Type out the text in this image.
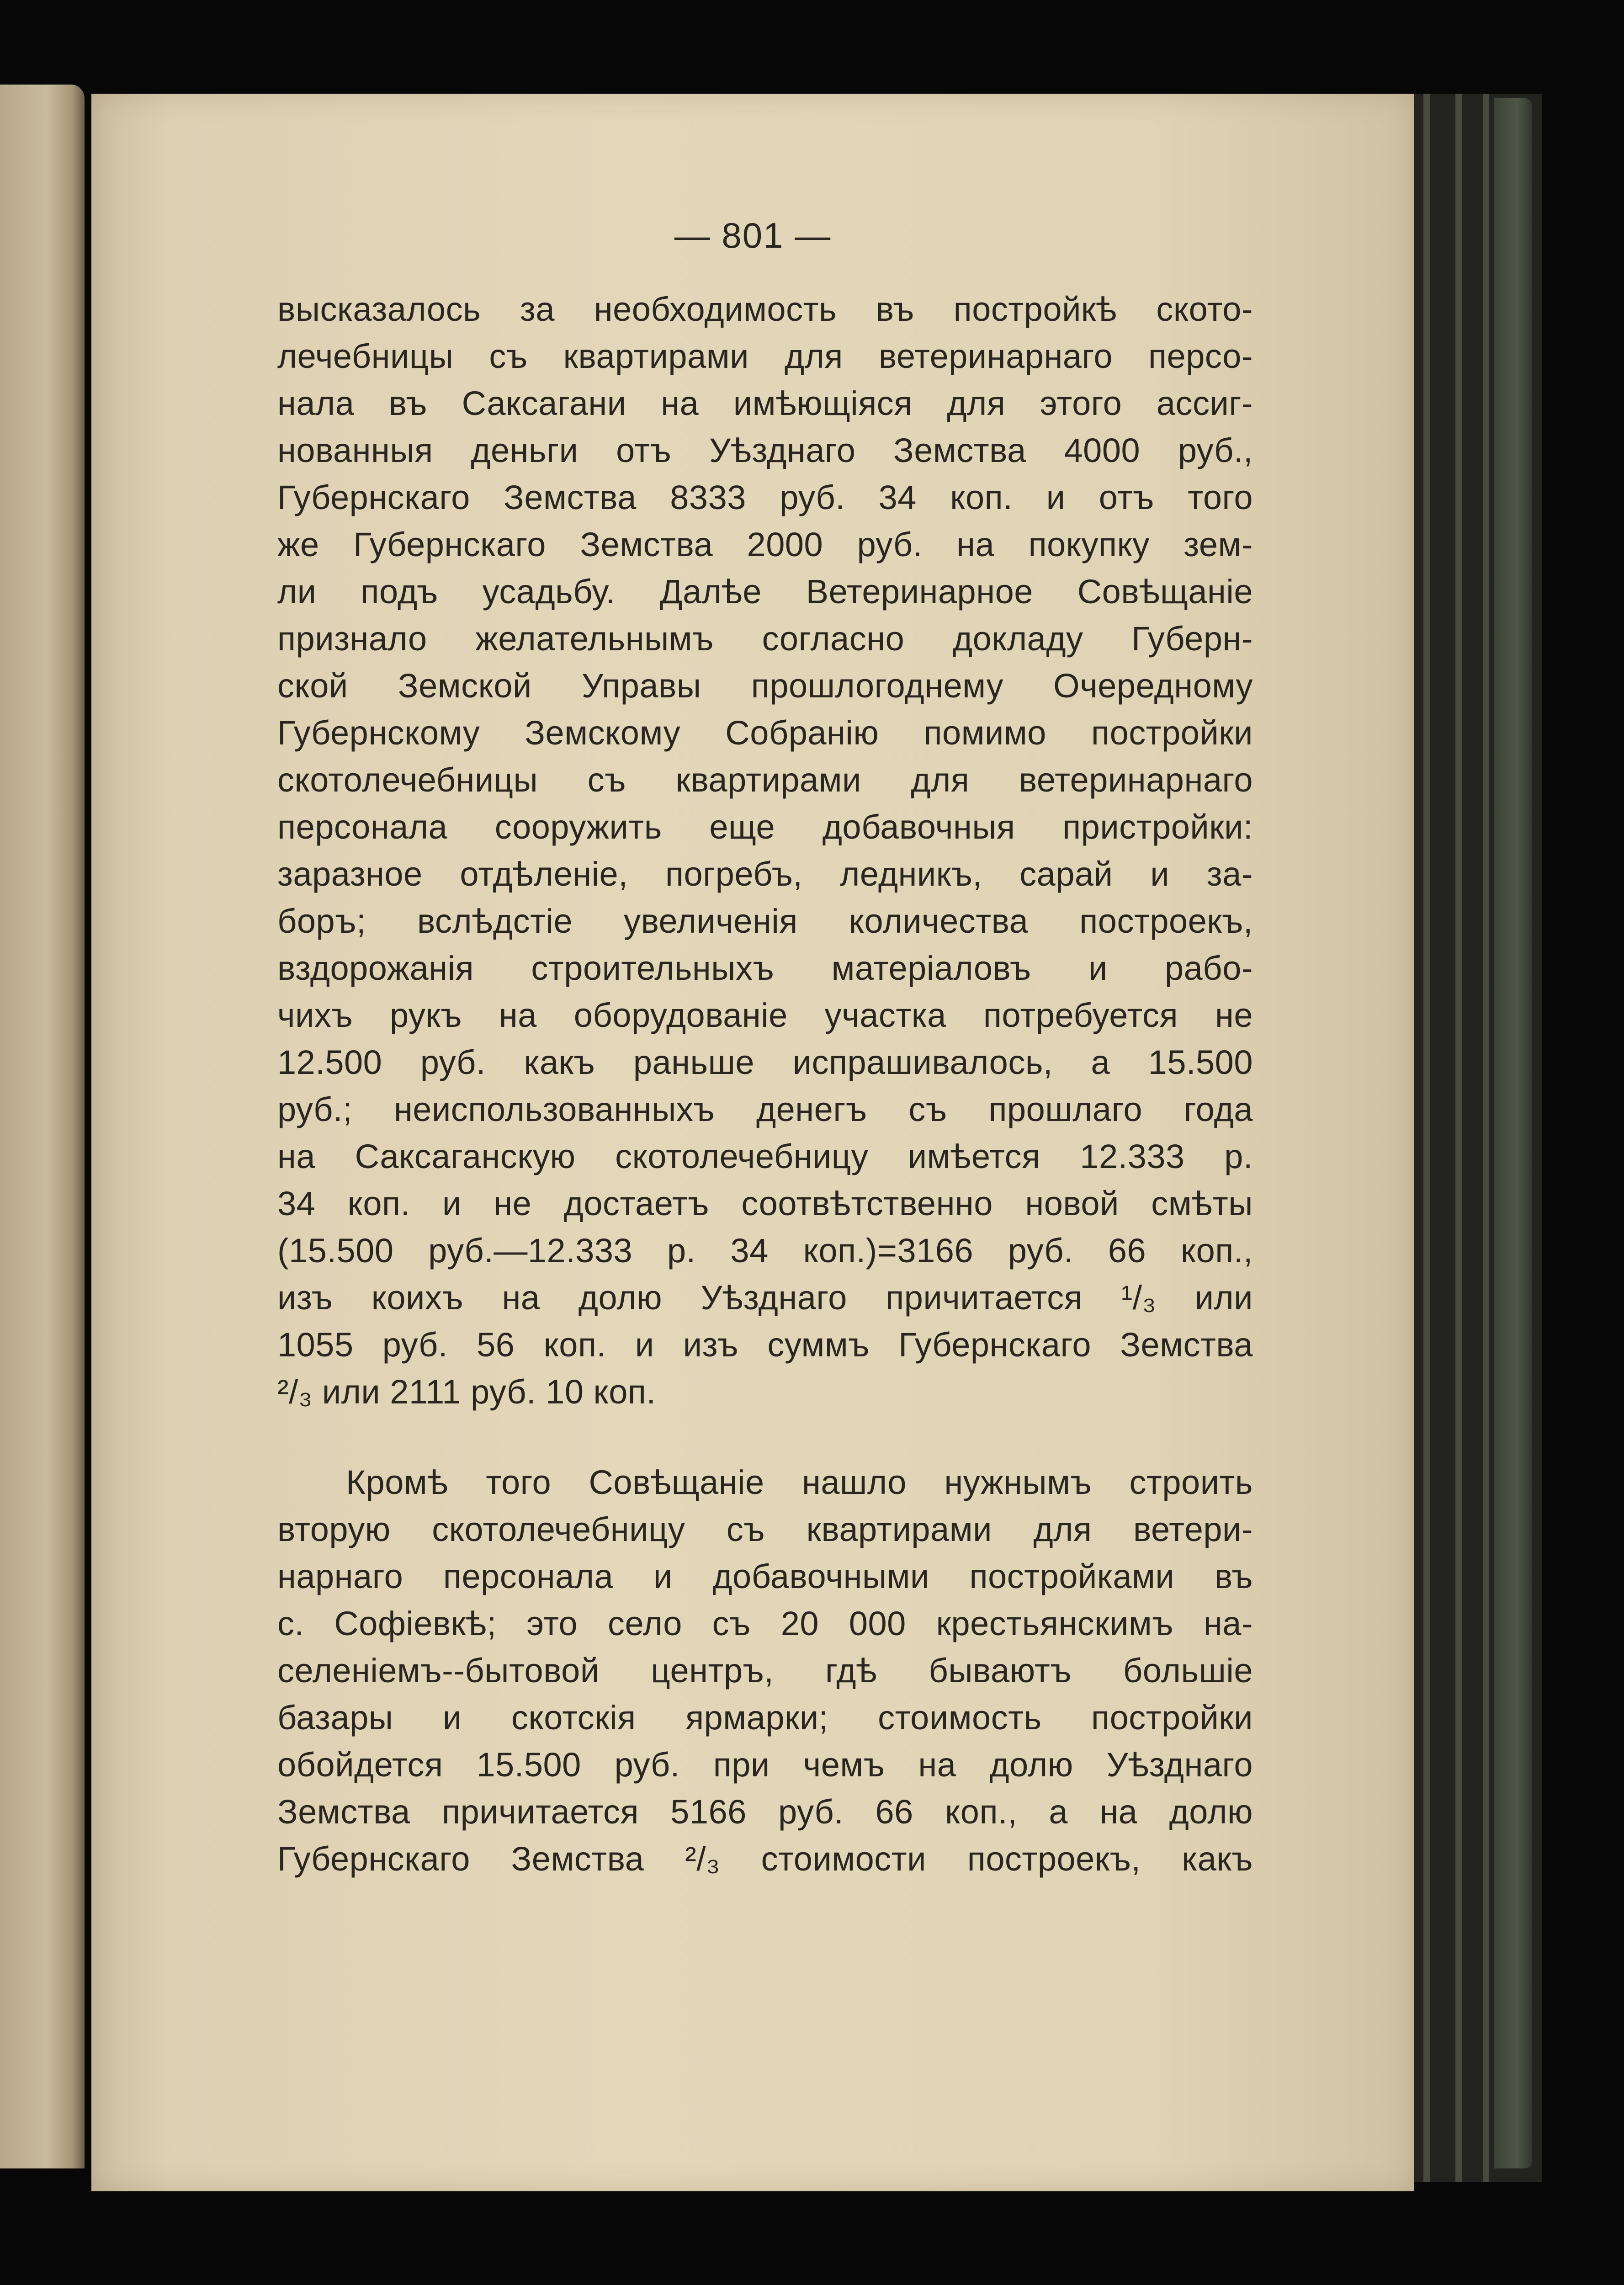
— 801 —
высказалось за необходимость въ постройкѣ ското-
лечебницы съ квартирами для ветеринарнаго персо-
нала въ Саксагани на имѣющіяся для этого ассиг-
нованныя деньги отъ Уѣзднаго Земства 4000 руб.,
Губернскаго Земства 8333 руб. 34 коп. и отъ того
же Губернскаго Земства 2000 руб. на покупку зем-
ли подъ усадьбу. Далѣе Ветеринарное Совѣщаніе
признало желательнымъ согласно докладу Губерн-
ской Земской Управы прошлогоднему Очередному
Губернскому Земскому Собранію помимо постройки
скотолечебницы съ квартирами для ветеринарнаго
персонала сооружить еще добавочныя пристройки:
заразное отдѣленіе, погребъ, ледникъ, сарай и за-
боръ; вслѣдстіе увеличенія количества построекъ,
вздорожанія строительныхъ матеріаловъ и рабо-
чихъ рукъ на оборудованіе участка потребуется не
12.500 руб. какъ раньше испрашивалось, а 15.500
руб.; неиспользованныхъ денегъ съ прошлаго года
на Саксаганскую скотолечебницу имѣется 12.333 р.
34 коп. и не достаетъ соотвѣтственно новой смѣты
(15.500 руб.—12.333 р. 34 коп.)=3166 руб. 66 коп.,
изъ коихъ на долю Уѣзднаго причитается ¹/₃ или
1055 руб. 56 коп. и изъ суммъ Губернскаго Земства
²/₃ или 2111 руб. 10 коп.
Кромѣ того Совѣщаніе нашло нужнымъ строить
вторую скотолечебницу съ квартирами для ветери-
нарнаго персонала и добавочными постройками въ
с. Софіевкѣ; это село съ 20 000 крестьянскимъ на-
селеніемъ--бытовой центръ, гдѣ бываютъ большіе
базары и скотскія ярмарки; стоимость постройки
обойдется 15.500 руб. при чемъ на долю Уѣзднаго
Земства причитается 5166 руб. 66 коп., а на долю
Губернскаго Земства ²/₃ стоимости построекъ, какъ
